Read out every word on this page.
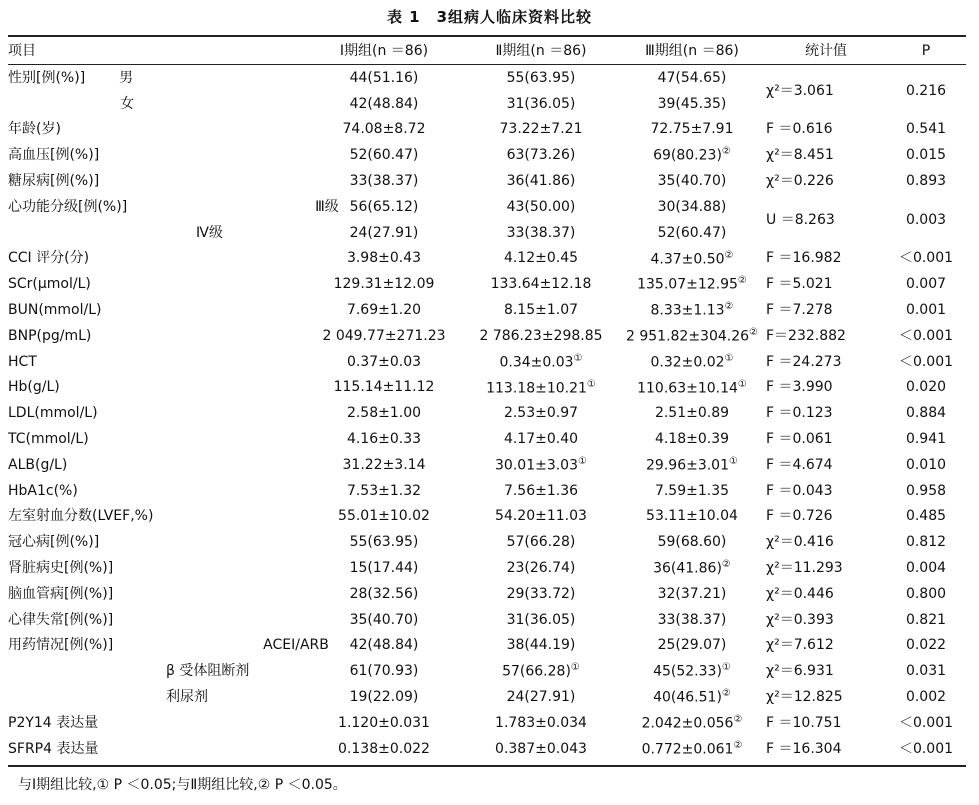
表 1　3组病人临床资料比较
项目	Ⅰ期组(n ＝86)	Ⅱ期组(n ＝86)	Ⅲ期组(n ＝86)	统计值	P
性别[例(%)] 男	44(51.16)	55(63.95)	47(54.65)	χ²＝3.061	0.216
女	42(48.84)	31(36.05)	39(45.35)		
年龄(岁)	74.08±8.72	73.22±7.21	72.75±7.91	F ＝0.616	0.541
高血压[例(%)]	52(60.47)	63(73.26)	69(80.23)②	χ²＝8.451	0.015
糖尿病[例(%)]	33(38.37)	36(41.86)	35(40.70)	χ²＝0.226	0.893
心功能分级[例(%)] Ⅲ级	56(65.12)	43(50.00)	30(34.88)	U ＝8.263	0.003
Ⅳ级	24(27.91)	33(38.37)	52(60.47)		
CCI 评分(分)	3.98±0.43	4.12±0.45	4.37±0.50②	F ＝16.982	＜0.001
SCr(μmol/L)	129.31±12.09	133.64±12.18	135.07±12.95②	F ＝5.021	0.007
BUN(mmol/L)	7.69±1.20	8.15±1.07	8.33±1.13②	F ＝7.278	0.001
BNP(pg/mL)	2 049.77±271.23	2 786.23±298.85	2 951.82±304.26②	F＝232.882	＜0.001
HCT	0.37±0.03	0.34±0.03①	0.32±0.02①	F ＝24.273	＜0.001
Hb(g/L)	115.14±11.12	113.18±10.21①	110.63±10.14①	F ＝3.990	0.020
LDL(mmol/L)	2.58±1.00	2.53±0.97	2.51±0.89	F ＝0.123	0.884
TC(mmol/L)	4.16±0.33	4.17±0.40	4.18±0.39	F ＝0.061	0.941
ALB(g/L)	31.22±3.14	30.01±3.03①	29.96±3.01①	F ＝4.674	0.010
HbA1c(%)	7.53±1.32	7.56±1.36	7.59±1.35	F ＝0.043	0.958
左室射血分数(LVEF,%)	55.01±10.02	54.20±11.03	53.11±10.04	F ＝0.726	0.485
冠心病[例(%)]	55(63.95)	57(66.28)	59(68.60)	χ²＝0.416	0.812
肾脏病史[例(%)]	15(17.44)	23(26.74)	36(41.86)②	χ²＝11.293	0.004
脑血管病[例(%)]	28(32.56)	29(33.72)	32(37.21)	χ²＝0.446	0.800
心律失常[例(%)]	35(40.70)	31(36.05)	33(38.37)	χ²＝0.393	0.821
用药情况[例(%)] ACEI/ARB	42(48.84)	38(44.19)	25(29.07)	χ²＝7.612	0.022
β 受体阻断剂	61(70.93)	57(66.28)①	45(52.33)①	χ²＝6.931	0.031
利尿剂	19(22.09)	24(27.91)	40(46.51)②	χ²＝12.825	0.002
P2Y14 表达量	1.120±0.031	1.783±0.034	2.042±0.056②	F ＝10.751	＜0.001
SFRP4 表达量	0.138±0.022	0.387±0.043	0.772±0.061②	F ＝16.304	＜0.001
与Ⅰ期组比较,① P ＜0.05;与Ⅱ期组比较,② P ＜0.05。
